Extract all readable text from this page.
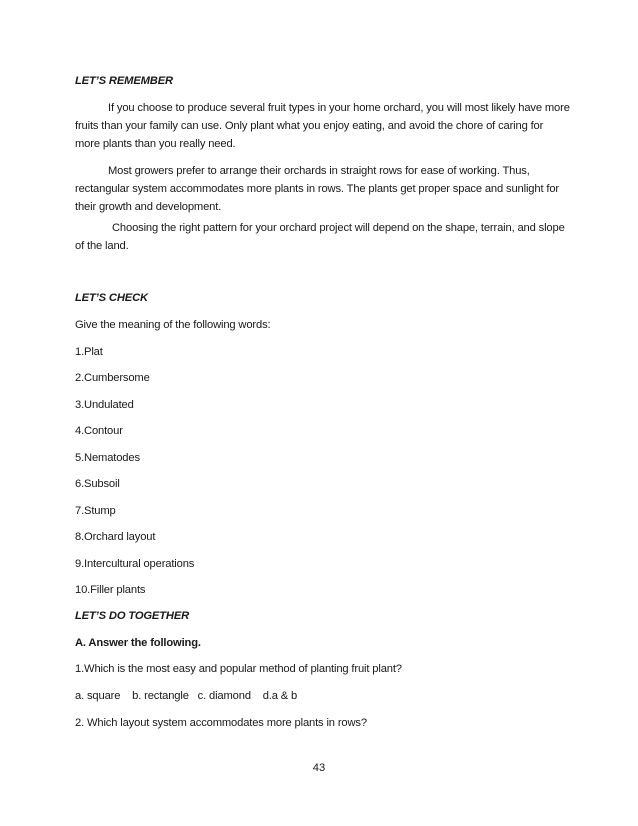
LET’S REMEMBER
If you choose to produce several fruit types in your home orchard, you will most likely have more
fruits than your family can use. Only plant what you enjoy eating, and avoid the chore of caring for
more plants than you really need.
Most growers prefer to arrange their orchards in straight rows for ease of working. Thus,
rectangular system accommodates more plants in rows. The plants get proper space and sunlight for
their growth and development.
Choosing the right pattern for your orchard project will depend on the shape, terrain, and slope
of the land.
LET’S CHECK
Give the meaning of the following words:
1.Plat
2.Cumbersome
3.Undulated
4.Contour
5.Nematodes
6.Subsoil
7.Stump
8.Orchard layout
9.Intercultural operations
10.Filler plants
LET’S DO TOGETHER
A. Answer the following.
1.Which is the most easy and popular method of planting fruit plant?
a. square    b. rectangle   c. diamond    d.a & b
2. Which layout system accommodates more plants in rows?
43
